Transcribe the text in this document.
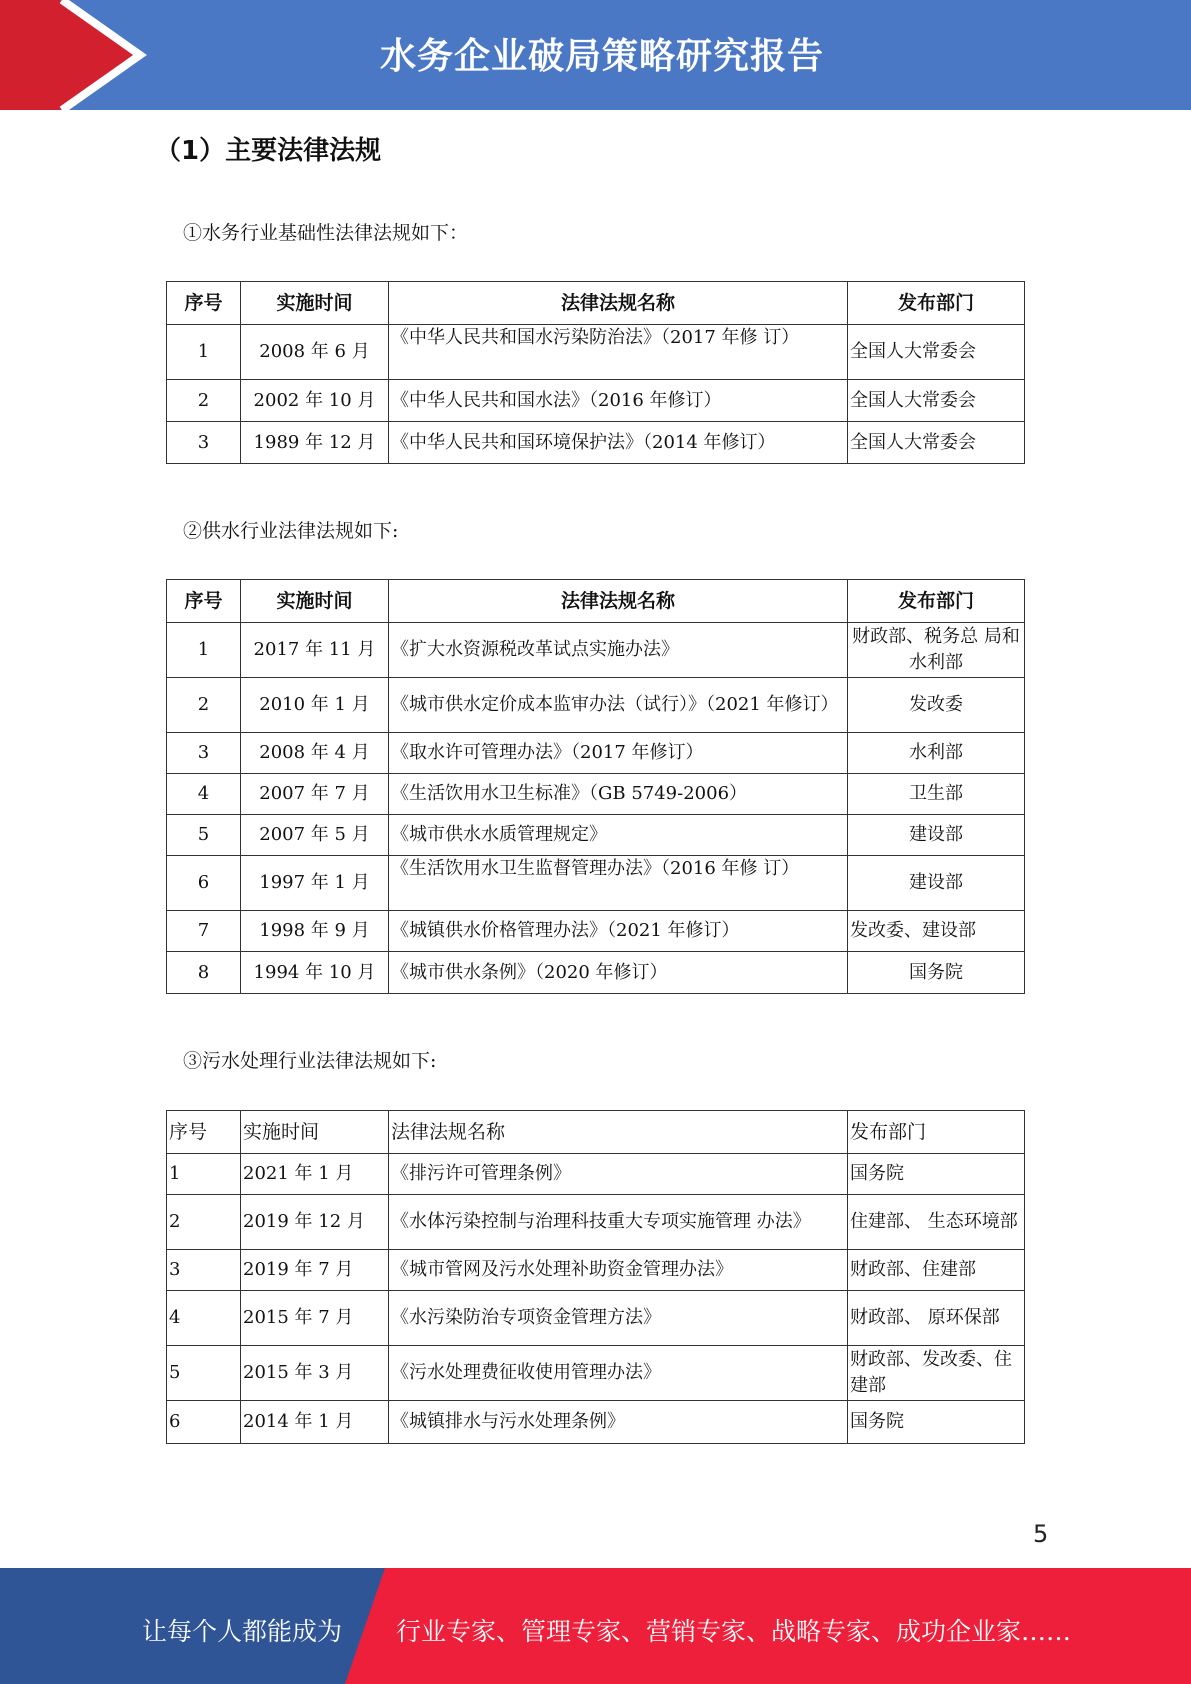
水务企业破局策略研究报告
（1）主要法律法规
①水务行业基础性法律法规如下：
序号	实施时间	法律法规名称	发布部门
1	2008 年 6 月	《中华人民共和国水污染防治法》（2017 年修 订）	全国人大常委会
2	2002 年 10 月	《中华人民共和国水法》（2016 年修订）	全国人大常委会
3	1989 年 12 月	《中华人民共和国环境保护法》（2014 年修订）	全国人大常委会
②供水行业法律法规如下:
序号	实施时间	法律法规名称	发布部门
1	2017 年 11 月	《扩大水资源税改革试点实施办法》	财政部、税务总 局和水利部
2	2010 年 1 月	《城市供水定价成本监审办法（试行）》（2021 年修订）	发改委
3	2008 年 4 月	《取水许可管理办法》（2017 年修订）	水利部
4	2007 年 7 月	《生活饮用水卫生标准》（GB 5749-2006）	卫生部
5	2007 年 5 月	《城市供水水质管理规定》	建设部
6	1997 年 1 月	《生活饮用水卫生监督管理办法》（2016 年修 订）	建设部
7	1998 年 9 月	《城镇供水价格管理办法》（2021 年修订）	发改委、建设部
8	1994 年 10 月	《城市供水条例》（2020 年修订）	国务院
③污水处理行业法律法规如下:
序号	实施时间	法律法规名称	发布部门
1	2021 年 1 月	《排污许可管理条例》	国务院
2	2019 年 12 月	《水体污染控制与治理科技重大专项实施管理 办法》	住建部、 生态环境部
3	2019 年 7 月	《城市管网及污水处理补助资金管理办法》	财政部、住建部
4	2015 年 7 月	《水污染防治专项资金管理方法》	财政部、 原环保部
5	2015 年 3 月	《污水处理费征收使用管理办法》	财政部、发改委、住建部
6	2014 年 1 月	《城镇排水与污水处理条例》	国务院
5
让每个人都能成为 行业专家、管理专家、营销专家、战略专家、成功企业家……
